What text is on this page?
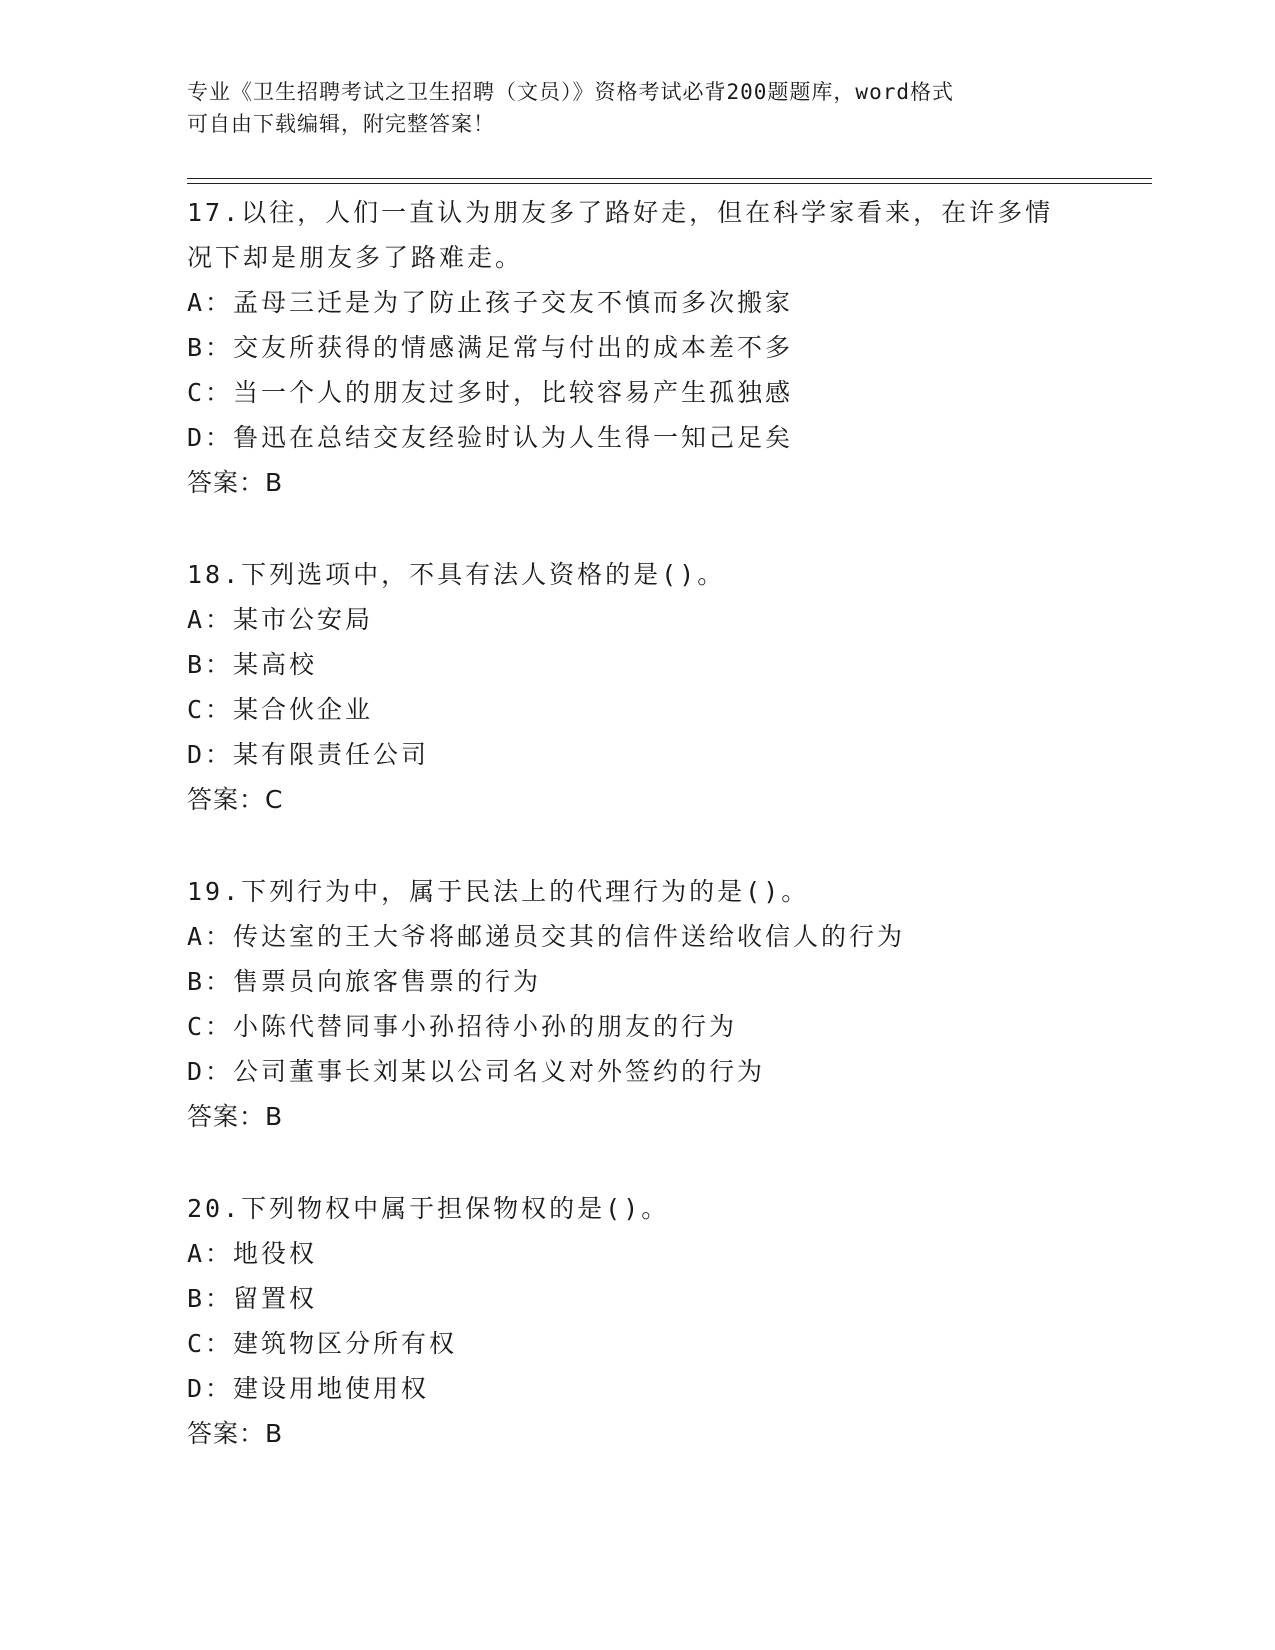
专业《卫生招聘考试之卫生招聘（文员）》资格考试必背200题题库，word格式
可自由下载编辑，附完整答案！
17.以往，人们一直认为朋友多了路好走，但在科学家看来，在许多情
况下却是朋友多了路难走。
A：孟母三迁是为了防止孩子交友不慎而多次搬家
B：交友所获得的情感满足常与付出的成本差不多
C：当一个人的朋友过多时，比较容易产生孤独感
D：鲁迅在总结交友经验时认为人生得一知己足矣
答案：B
18.下列选项中，不具有法人资格的是()。
A：某市公安局
B：某高校
C：某合伙企业
D：某有限责任公司
答案：C
19.下列行为中，属于民法上的代理行为的是()。
A：传达室的王大爷将邮递员交其的信件送给收信人的行为
B：售票员向旅客售票的行为
C：小陈代替同事小孙招待小孙的朋友的行为
D：公司董事长刘某以公司名义对外签约的行为
答案：B
20.下列物权中属于担保物权的是()。
A：地役权
B：留置权
C：建筑物区分所有权
D：建设用地使用权
答案：B
